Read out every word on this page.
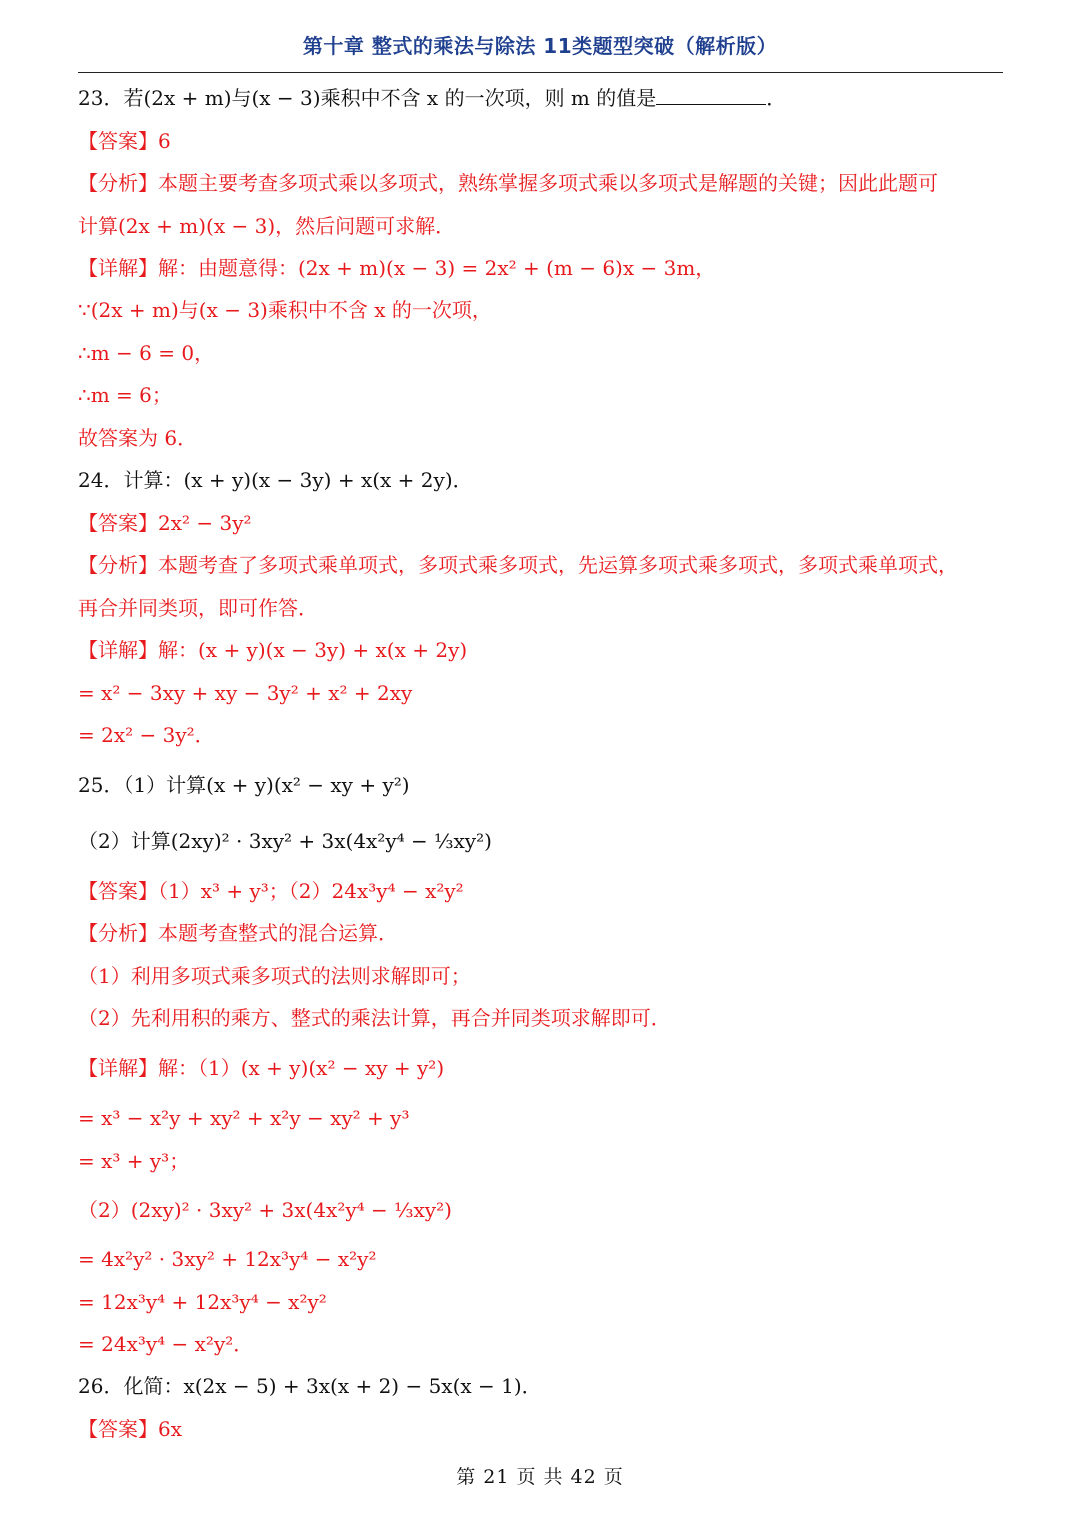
第十章 整式的乘法与除法 11类题型突破（解析版）
23．若(2x + m)与(x − 3)乘积中不含 x 的一次项，则 m 的值是	．
【答案】6
【分析】本题主要考查多项式乘以多项式，熟练掌握多项式乘以多项式是解题的关键；因此此题可
计算(2x + m)(x − 3)，然后问题可求解．
【详解】解：由题意得：(2x + m)(x − 3) = 2x² + (m − 6)x − 3m，
∵(2x + m)与(x − 3)乘积中不含 x 的一次项，
∴m − 6 = 0，
∴m = 6；
故答案为 6．
24．计算：(x + y)(x − 3y) + x(x + 2y)．
【答案】2x² − 3y²
【分析】本题考查了多项式乘单项式，多项式乘多项式，先运算多项式乘多项式，多项式乘单项式，
再合并同类项，即可作答．
【详解】解：(x + y)(x − 3y) + x(x + 2y)
= x² − 3xy + xy − 3y² + x² + 2xy
= 2x² − 3y²．
25．（1）计算(x + y)(x² − xy + y²)
（2）计算(2xy)² · 3xy² + 3x(4x²y⁴ − ⅓xy²)
【答案】（1）x³ + y³；（2）24x³y⁴ − x²y²
【分析】本题考查整式的混合运算．
（1）利用多项式乘多项式的法则求解即可；
（2）先利用积的乘方、整式的乘法计算，再合并同类项求解即可．
【详解】解：（1）(x + y)(x² − xy + y²)
= x³ − x²y + xy² + x²y − xy² + y³
= x³ + y³；
（2）(2xy)² · 3xy² + 3x(4x²y⁴ − ⅓xy²)
= 4x²y² · 3xy² + 12x³y⁴ − x²y²
= 12x³y⁴ + 12x³y⁴ − x²y²
= 24x³y⁴ − x²y²．
26．化简：x(2x − 5) + 3x(x + 2) − 5x(x − 1)．
【答案】6x
第 21 页 共 42 页
